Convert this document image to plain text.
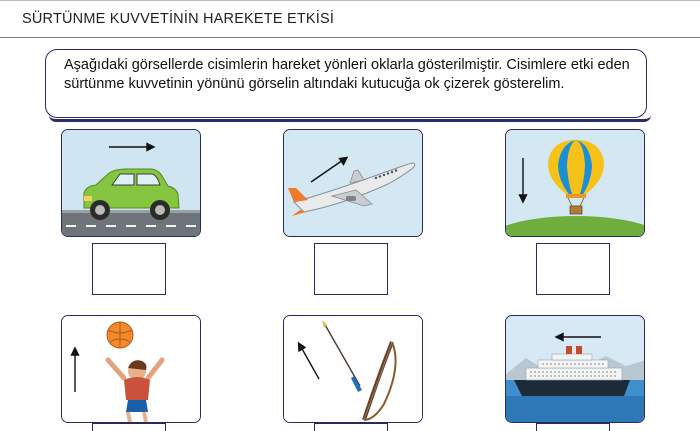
SÜRTÜNME KUVVETİNİN HAREKETE ETKİSİ
Aşağıdaki görsellerde cisimlerin hareket yönleri oklarla gösterilmiştir. Cisimlere etki eden sürtünme kuvvetinin yönünü görselin altındaki kutucuğa ok çizerek gösterelim.
